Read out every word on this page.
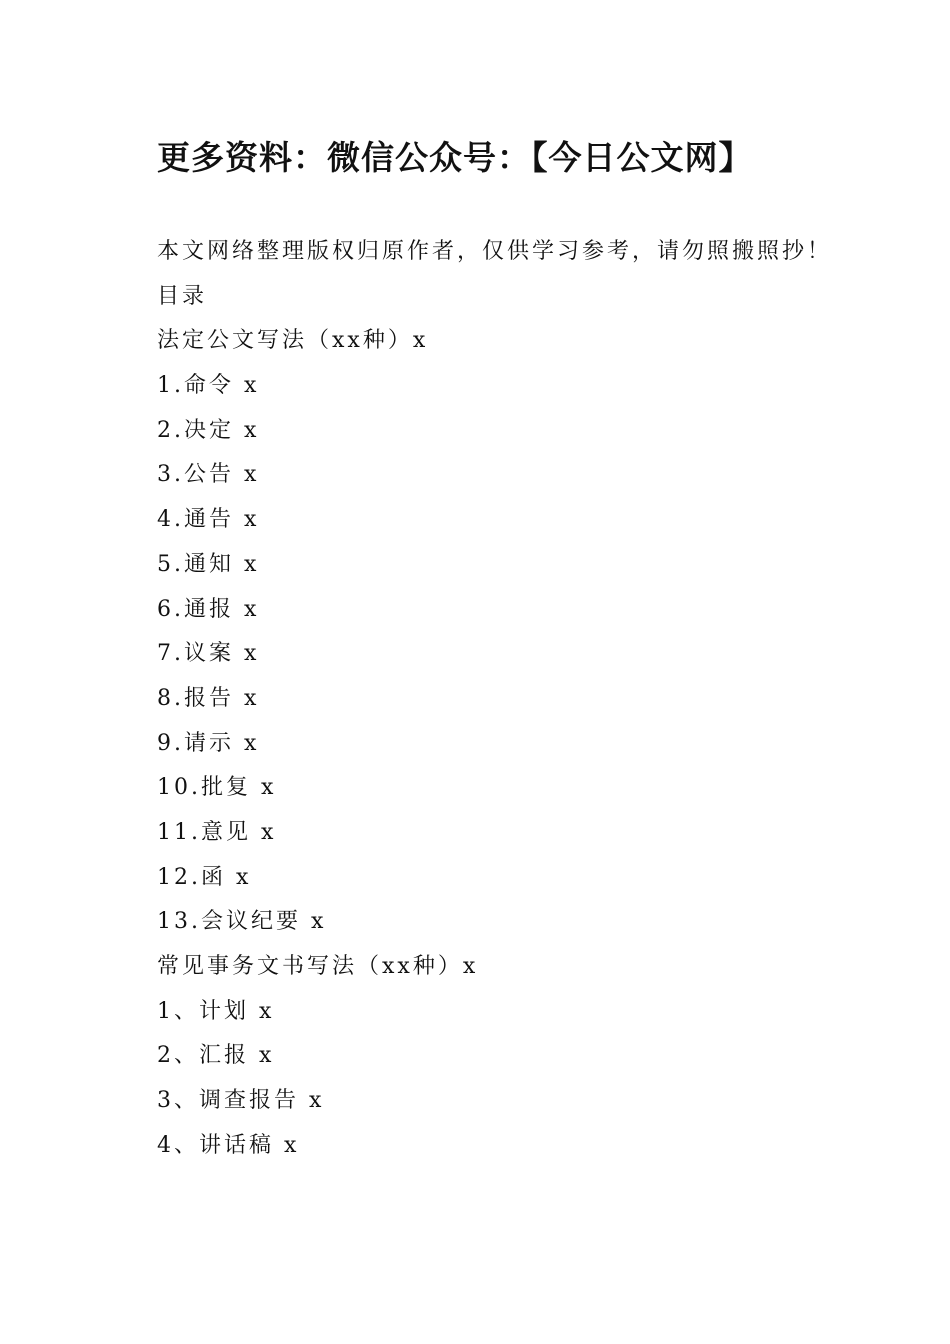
更多资料：微信公众号：【今日公文网】
本文网络整理版权归原作者，仅供学习参考，请勿照搬照抄！
目录
法定公文写法（xx种）x
1.命令 x
2.决定 x
3.公告 x
4.通告 x
5.通知 x
6.通报 x
7.议案 x
8.报告 x
9.请示 x
10.批复 x
11.意见 x
12.函 x
13.会议纪要 x
常见事务文书写法（xx种）x
1、计划 x
2、汇报 x
3、调查报告 x
4、讲话稿 x
